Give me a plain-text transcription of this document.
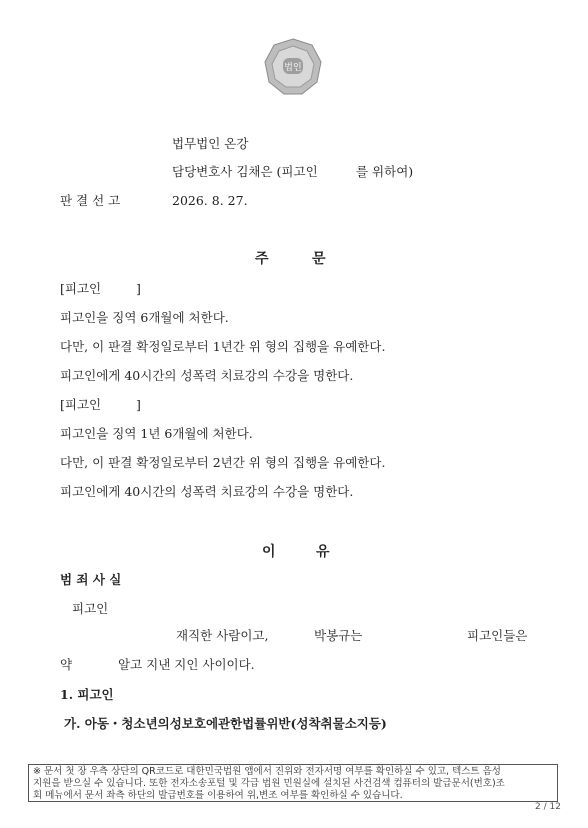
법인
법무법인 온강
담당변호사 김채은 (피고인	를 위하여)
판 결 선 고	2026. 8. 27.
주	문
[피고인	]
피고인을 징역 6개월에 처한다.
다만, 이 판결 확정일로부터 1년간 위 형의 집행을 유예한다.
피고인에게 40시간의 성폭력 치료강의 수강을 명한다.
[피고인	]
피고인을 징역 1년 6개월에 처한다.
다만, 이 판결 확정일로부터 2년간 위 형의 집행을 유예한다.
피고인에게 40시간의 성폭력 치료강의 수강을 명한다.
이	유
범 죄 사 실
피고인
재직한 사람이고,	박봉규는	피고인들은
약	알고 지낸 지인 사이이다.
1. 피고인
가. 아동・청소년의성보호에관한법률위반(성착취물소지등)
※ 문서 첫 장 우측 상단의 QR코드로 대한민국법원 앱에서 진위와 전자서명 여부를 확인하실 수 있고, 텍스트 음성
지원을 받으실 수 있습니다. 또한 전자소송포털 및 각급 법원 민원실에 설치된 사건검색 컴퓨터의 발급문서(번호)조
회 메뉴에서 문서 좌측 하단의 발급번호를 이용하여 위,변조 여부를 확인하실 수 있습니다.
2 / 12
